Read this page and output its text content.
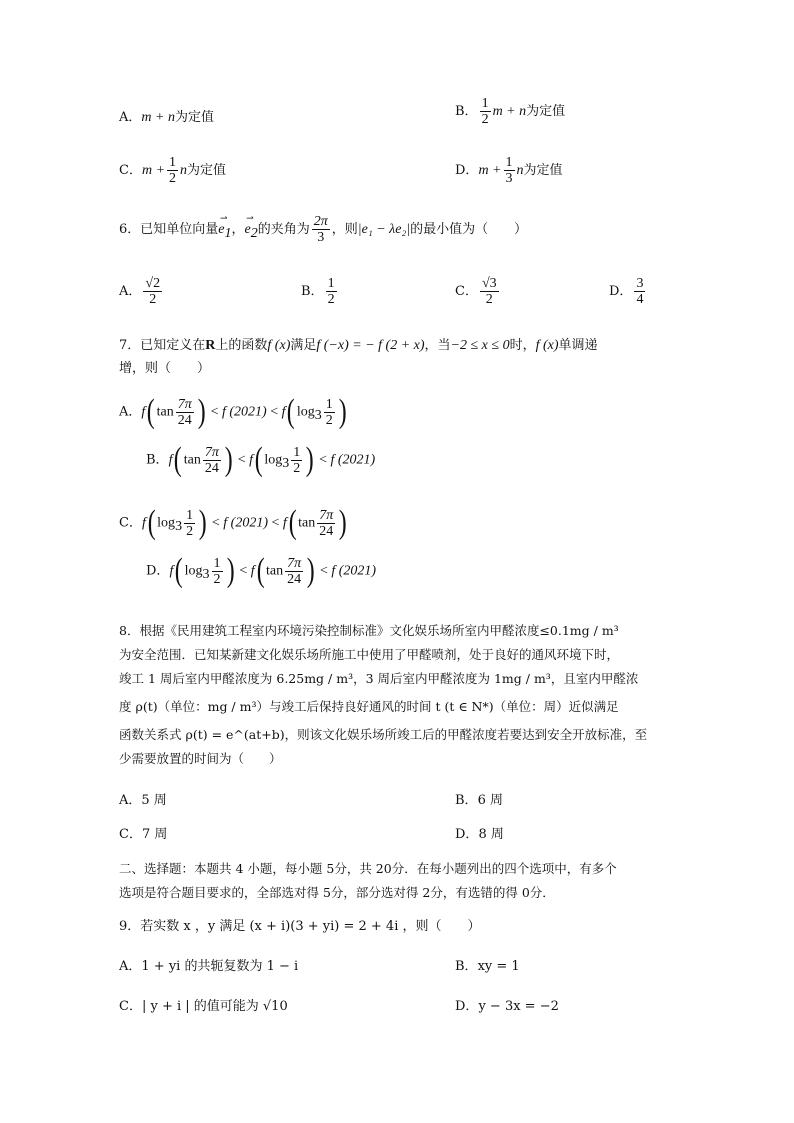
A．m + n为定值	B． $\frac{1}{2}$ m + n为定值
C．$m + \frac{1}{2}$ n为定值	D．$m + \frac{1}{3}$ n为定值
6．已知单位向量
⇀
$e_1$，
⇀
$e_2$的夹角为 $\frac{2\pi}{3}$ ，则|e₁ − λe₂|的最小值为（　　）
A． $\frac{√2}{2}$	B． $\frac{1}{2}$	C． $\frac{√3}{2}$	D． $\frac{3}{4}$
7．已知定义在R上的函数f (x)满足f (−x) = − f (2 + x)，当−2 ≤ x ≤ 0时，f (x)单调递
增，则（　　）
A．f( $\tan \frac{7\pi}{24}$ ) < f (2021) < f( $\log_3 \frac{1}{2}$ )
B．f( $\tan \frac{7\pi}{24}$ ) < f( $\log_3 \frac{1}{2}$ ) < f (2021)
C．f( $\log_3 \frac{1}{2}$ ) < f (2021) < f( $\tan \frac{7\pi}{24}$ )
D．f( $\log_3 \frac{1}{2}$ ) < f( $\tan \frac{7\pi}{24}$ ) < f (2021)
8．根据《民用建筑工程室内环境污染控制标准》文化娱乐场所室内甲醛浓度≤0.1mg / m³
为安全范围．已知某新建文化娱乐场所施工中使用了甲醛喷剂，处于良好的通风环境下时，
竣工 1 周后室内甲醛浓度为 6.25mg / m³，3 周后室内甲醛浓度为 1mg / m³，且室内甲醛浓
度 ρ(t)（单位：mg / m³）与竣工后保持良好通风的时间 t (t ∈ N*)（单位：周）近似满足
函数关系式 ρ(t) = e^(at+b)，则该文化娱乐场所竣工后的甲醛浓度若要达到安全开放标准，至
少需要放置的时间为（　　）
A．5 周	B．6 周
C．7 周	D．8 周
二、选择题：本题共 4 小题，每小题 5分，共 20分．在每小题列出的四个选项中，有多个
选项是符合题目要求的，全部选对得 5分，部分选对得 2分，有选错的得 0分．
9．若实数 x ，y 满足 (x + i)(3 + yi) = 2 + 4i ，则（　　）
A．1 + yi 的共轭复数为 1 − i	B．xy = 1
C．| y + i | 的值可能为 √10	D．y − 3x = −2
